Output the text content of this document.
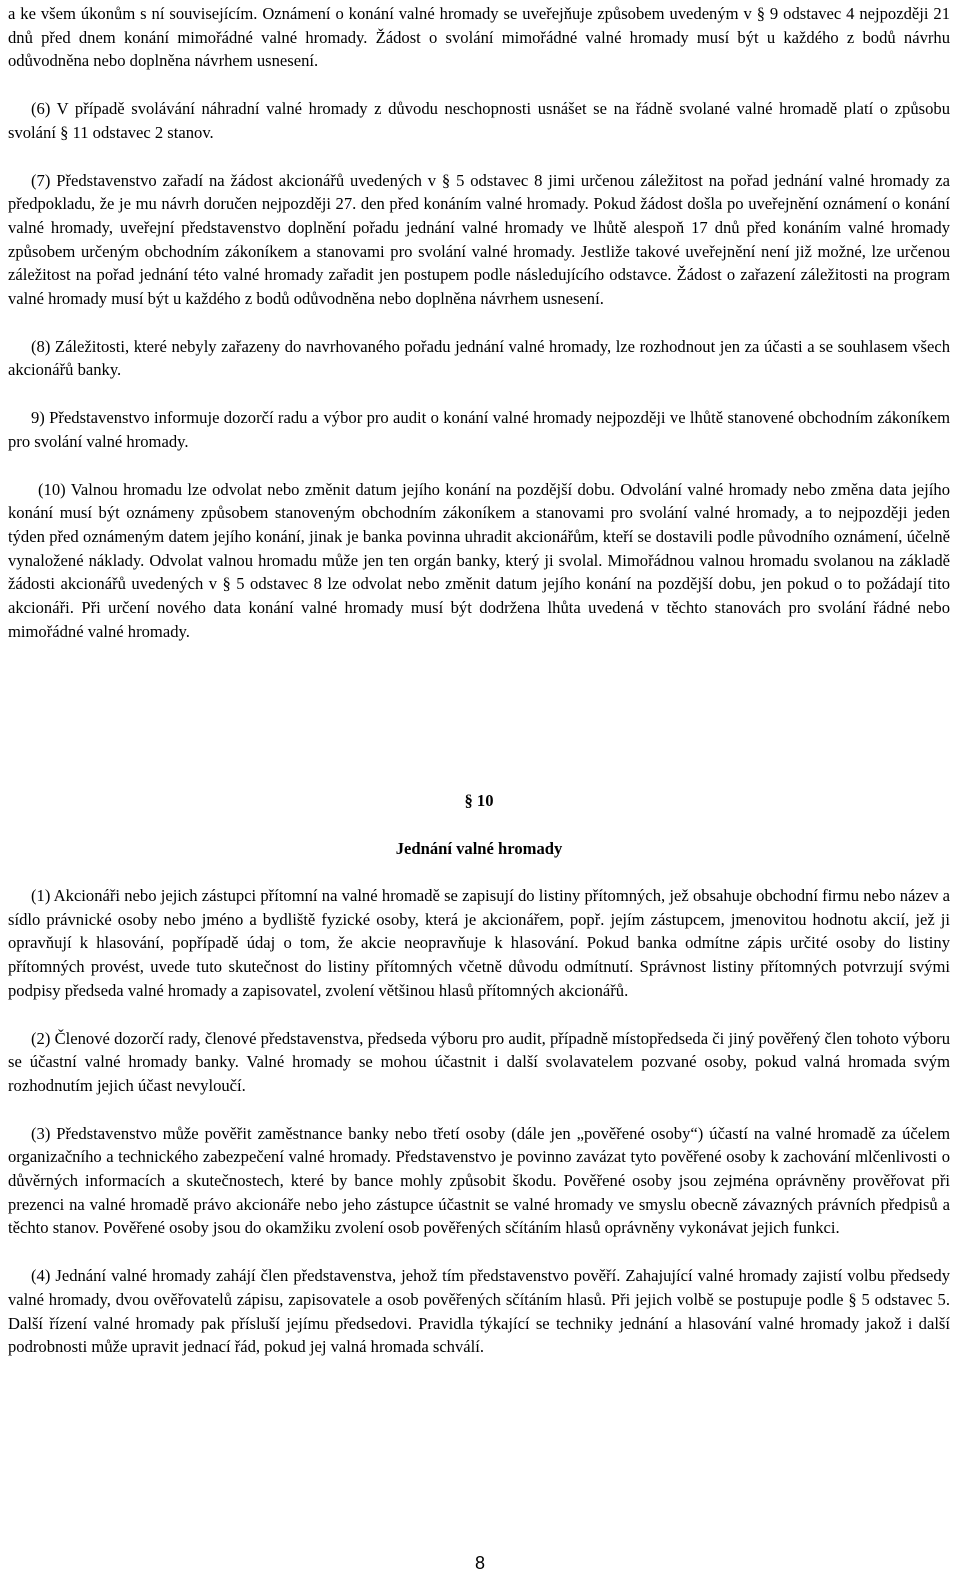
a ke všem úkonům s ní souvisejícím. Oznámení o konání valné hromady se uveřejňuje způsobem uvedeným v § 9 odstavec 4 nejpozději 21 dnů před dnem konání mimořádné valné hromady. Žádost o svolání mimořádné valné hromady musí být u každého z bodů návrhu odůvodněna nebo doplněna návrhem usnesení.

(6) V případě svolávání náhradní valné hromady z důvodu neschopnosti usnášet se na řádně svolané valné hromadě platí o způsobu svolání § 11 odstavec 2 stanov.

(7) Představenstvo zařadí na žádost akcionářů uvedených v § 5 odstavec 8 jimi určenou záležitost na pořad jednání valné hromady za předpokladu, že je mu návrh doručen nejpozději 27. den před konáním valné hromady. Pokud žádost došla po uveřejnění oznámení o konání valné hromady, uveřejní představenstvo doplnění pořadu jednání valné hromady ve lhůtě alespoň 17 dnů před konáním valné hromady způsobem určeným obchodním zákoníkem a stanovami pro svolání valné hromady. Jestliže takové uveřejnění není již možné, lze určenou záležitost na pořad jednání této valné hromady zařadit jen postupem podle následujícího odstavce. Žádost o zařazení záležitosti na program valné hromady musí být u každého z bodů odůvodněna nebo doplněna návrhem usnesení.

(8) Záležitosti, které nebyly zařazeny do navrhovaného pořadu jednání valné hromady, lze rozhodnout jen za účasti a se souhlasem všech akcionářů banky.

9) Představenstvo informuje dozorčí radu a výbor pro audit o konání valné hromady nejpozději ve lhůtě stanovené obchodním zákoníkem pro svolání valné hromady.

(10) Valnou hromadu lze odvolat nebo změnit datum jejího konání na pozdější dobu. Odvolání valné hromady nebo změna data jejího konání musí být oznámeny způsobem stanoveným obchodním zákoníkem a stanovami pro svolání valné hromady, a to nejpozději jeden týden před oznámeným datem jejího konání, jinak je banka povinna uhradit akcionářům, kteří se dostavili podle původního oznámení, účelně vynaložené náklady. Odvolat valnou hromadu může jen ten orgán banky, který ji svolal. Mimořádnou valnou hromadu svolanou na základě žádosti akcionářů uvedených v § 5 odstavec 8 lze odvolat nebo změnit datum jejího konání na pozdější dobu, jen pokud o to požádají tito akcionáři. Při určení nového data konání valné hromady musí být dodržena lhůta uvedená v těchto stanovách pro svolání řádné nebo mimořádné valné hromady.

§ 10
Jednání valné hromady

(1) Akcionáři nebo jejich zástupci přítomní na valné hromadě se zapisují do listiny přítomných, jež obsahuje obchodní firmu nebo název a sídlo právnické osoby nebo jméno a bydliště fyzické osoby, která je akcionářem, popř. jejím zástupcem, jmenovitou hodnotu akcií, jež ji opravňují k hlasování, popřípadě údaj o tom, že akcie neopravňuje k hlasování. Pokud banka odmítne zápis určité osoby do listiny přítomných provést, uvede tuto skutečnost do listiny přítomných včetně důvodu odmítnutí. Správnost listiny přítomných potvrzují svými podpisy předseda valné hromady a zapisovatel, zvolení většinou hlasů přítomných akcionářů.

(2) Členové dozorčí rady, členové představenstva, předseda výboru pro audit, případně místopředseda či jiný pověřený člen tohoto výboru se účastní valné hromady banky. Valné hromady se mohou účastnit i další svolavatelem pozvané osoby, pokud valná hromada svým rozhodnutím jejich účast nevyloučí.

(3) Představenstvo může pověřit zaměstnance banky nebo třetí osoby (dále jen „pověřené osoby“) účastí na valné hromadě za účelem organizačního a technického zabezpečení valné hromady. Představenstvo je povinno zavázat tyto pověřené osoby k zachování mlčenlivosti o důvěrných informacích a skutečnostech, které by bance mohly způsobit škodu. Pověřené osoby jsou zejména oprávněny prověřovat při prezenci na valné hromadě právo akcionáře nebo jeho zástupce účastnit se valné hromady ve smyslu obecně závazných právních předpisů a těchto stanov. Pověřené osoby jsou do okamžiku zvolení osob pověřených sčítáním hlasů oprávněny vykonávat jejich funkci.

(4) Jednání valné hromady zahájí člen představenstva, jehož tím představenstvo pověří. Zahajující valné hromady zajistí volbu předsedy valné hromady, dvou ověřovatelů zápisu, zapisovatele a osob pověřených sčítáním hlasů. Při jejich volbě se postupuje podle § 5 odstavec 5. Další řízení valné hromady pak přísluší jejímu předsedovi. Pravidla týkající se techniky jednání a hlasování valné hromady jakož i další podrobnosti může upravit jednací řád, pokud jej valná hromada schválí.

8
